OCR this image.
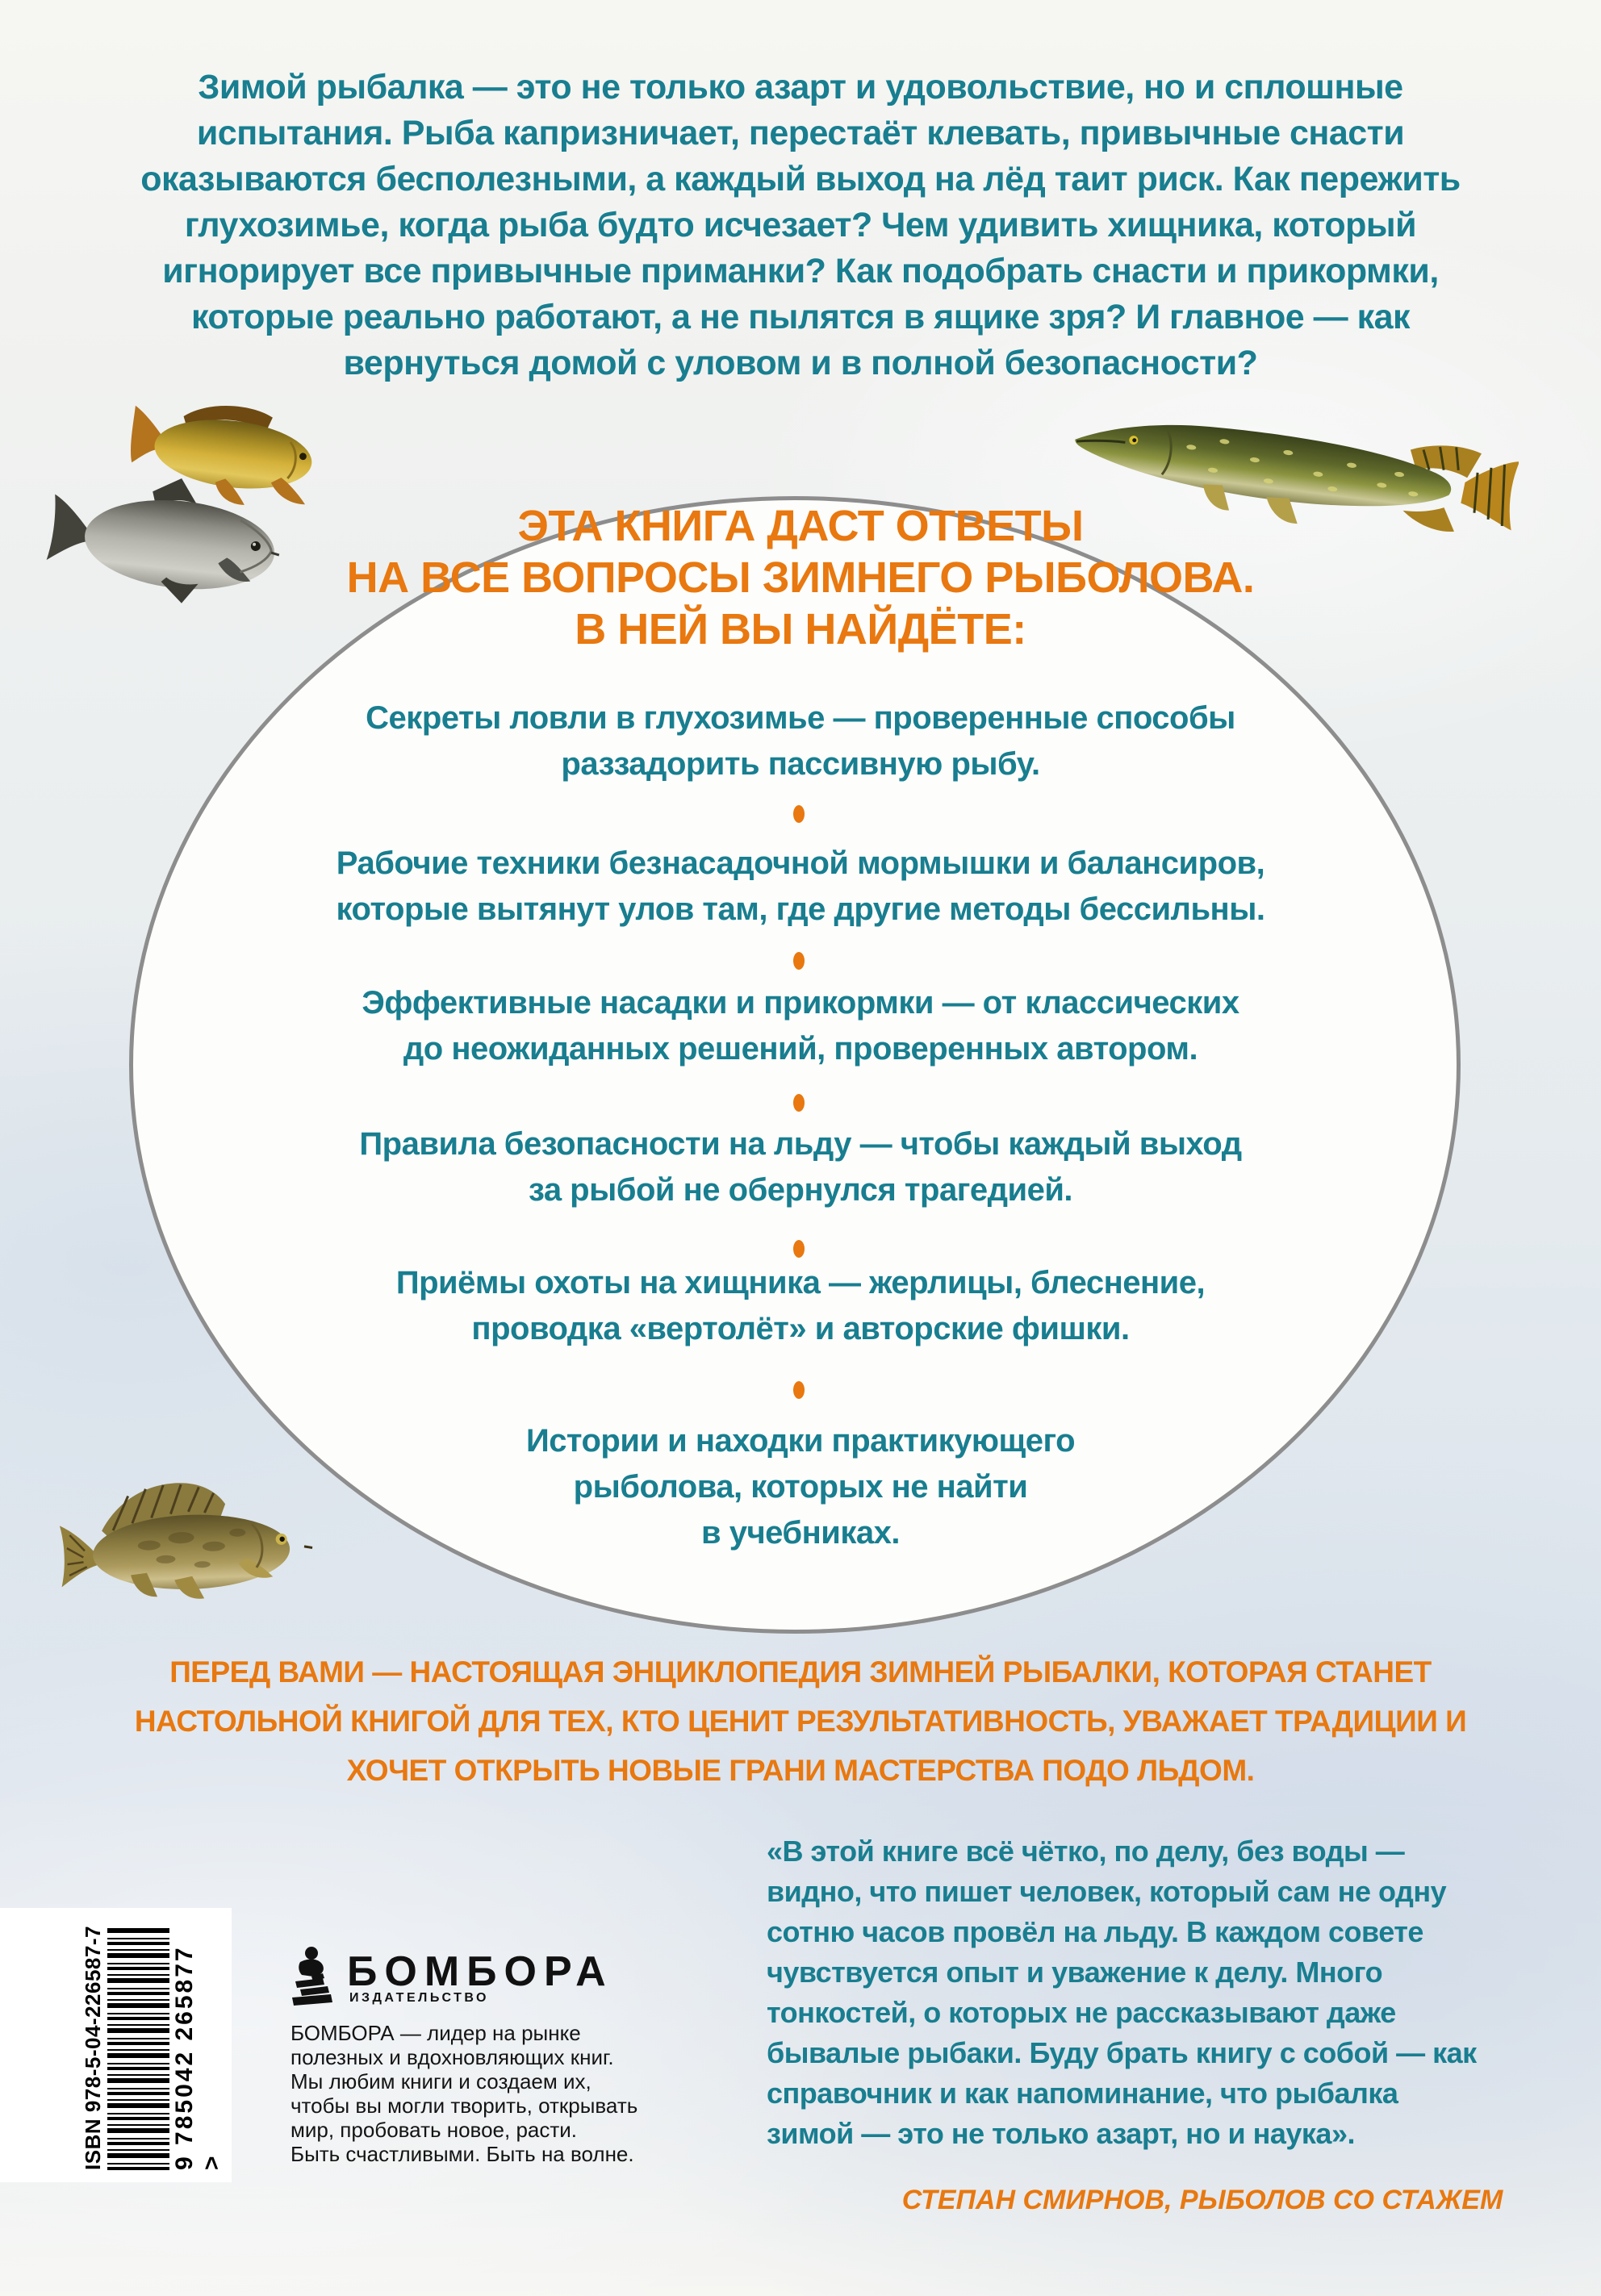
Зимой рыбалка — это не только азарт и удовольствие, но и сплошные
испытания. Рыба капризничает, перестаёт клевать, привычные снасти
оказываются бесполезными, а каждый выход на лёд таит риск. Как пережить
глухозимье, когда рыба будто исчезает? Чем удивить хищника, который
игнорирует все привычные приманки? Как подобрать снасти и прикормки,
которые реально работают, а не пылятся в ящике зря? И главное — как
вернуться домой с уловом и в полной безопасности?
ЭТА КНИГА ДАСТ ОТВЕТЫ
НА ВСЕ ВОПРОСЫ ЗИМНЕГО РЫБОЛОВА.
В НЕЙ ВЫ НАЙДЁТЕ:
Секреты ловли в глухозимье — проверенные способы
раззадорить пассивную рыбу.
Рабочие техники безнасадочной мормышки и балансиров,
которые вытянут улов там, где другие методы бессильны.
Эффективные насадки и прикормки — от классических
до неожиданных решений, проверенных автором.
Правила безопасности на льду — чтобы каждый выход
за рыбой не обернулся трагедией.
Приёмы охоты на хищника — жерлицы, блеснение,
проводка «вертолёт» и авторские фишки.
Истории и находки практикующего
рыболова, которых не найти
в учебниках.
ПЕРЕД ВАМИ — НАСТОЯЩАЯ ЭНЦИКЛОПЕДИЯ ЗИМНЕЙ РЫБАЛКИ, КОТОРАЯ СТАНЕТ
НАСТОЛЬНОЙ КНИГОЙ ДЛЯ ТЕХ, КТО ЦЕНИТ РЕЗУЛЬТАТИВНОСТЬ, УВАЖАЕТ ТРАДИЦИИ И
ХОЧЕТ ОТКРЫТЬ НОВЫЕ ГРАНИ МАСТЕРСТВА ПОДО ЛЬДОМ.
«В этой книге всё чётко, по делу, без воды —
видно, что пишет человек, который сам не одну
сотню часов провёл на льду. В каждом совете
чувствуется опыт и уважение к делу. Много
тонкостей, о которых не рассказывают даже
бывалые рыбаки. Буду брать книгу с собой — как
справочник и как напоминание, что рыбалка
зимой — это не только азарт, но и наука».
СТЕПАН СМИРНОВ, РЫБОЛОВ СО СТАЖЕМ
ISBN 978-5-04-226587-7	9 785042 265877 >
БОМБОРА
ИЗДАТЕЛЬСТВО
БОМБОРА — лидер на рынке
полезных и вдохновляющих книг.
Мы любим книги и создаем их,
чтобы вы могли творить, открывать
мир, пробовать новое, расти.
Быть счастливыми. Быть на волне.
